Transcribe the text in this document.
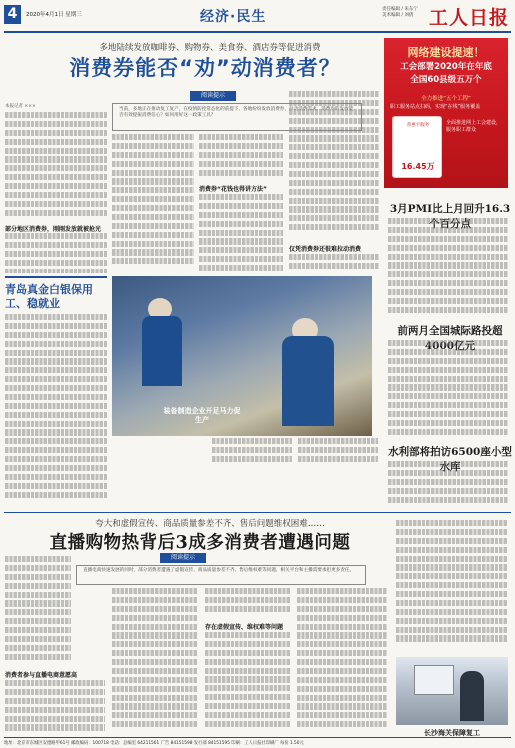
4	2020年4月1日 星期三	经济·民生	责任编辑 / 朱东宁
美术编辑 / 刘倩 工人日报
多地陆续发放咖啡券、购物券、美食券、酒店券等促进消费
消费券能否“劝”动消费者？
阅读提示
当前，多地正在推动复工复产，在疫情防控常态化的前提下，各地纷纷发放消费券，拉动消费需求。消费券的发放能否有效提振消费信心？如何用好这一政策工具？
本报记者 ×××
部分地区消费券，刚刚发放就被抢光
消费券“花钱也得讲方法”
仅凭消费券还很难拉动消费
青岛真金白银保用工、稳就业
装备制造企业开足马力促生产
网络建设提速！
工会部署2020年在年底
全国60县级五万个
全力推进“五个工程”
职工服务站点扫码，实现“在线”服务覆盖
普惠卡服务
16.45万
全面推进网上工会建设，服务职工群众
3月PMI比上月回升16.3个百分点
前两月全国城际路投超4000亿元
水利部将拍访6500座小型水库
夸大和虚假宣传、商品质量参差不齐、售后问题维权困难……
直播购物热背后3成多消费者遭遇问题
阅读提示
直播电商快速发展的同时，部分消费者遭遇了虚假宣传、商品质量参差不齐、售后维权难等问题，相关平台和主播需要承担更多责任。
消费者参与直播电商意愿高
存在虚假宣传、维权难等问题
长沙海关保障复工
地址：北京市东城区安德路甲61号 邮政编码：100718 电话：总编室 64211561 广告 84151598 发行部 84151595 印刷：工人日报社印刷厂 每份 1.50元
